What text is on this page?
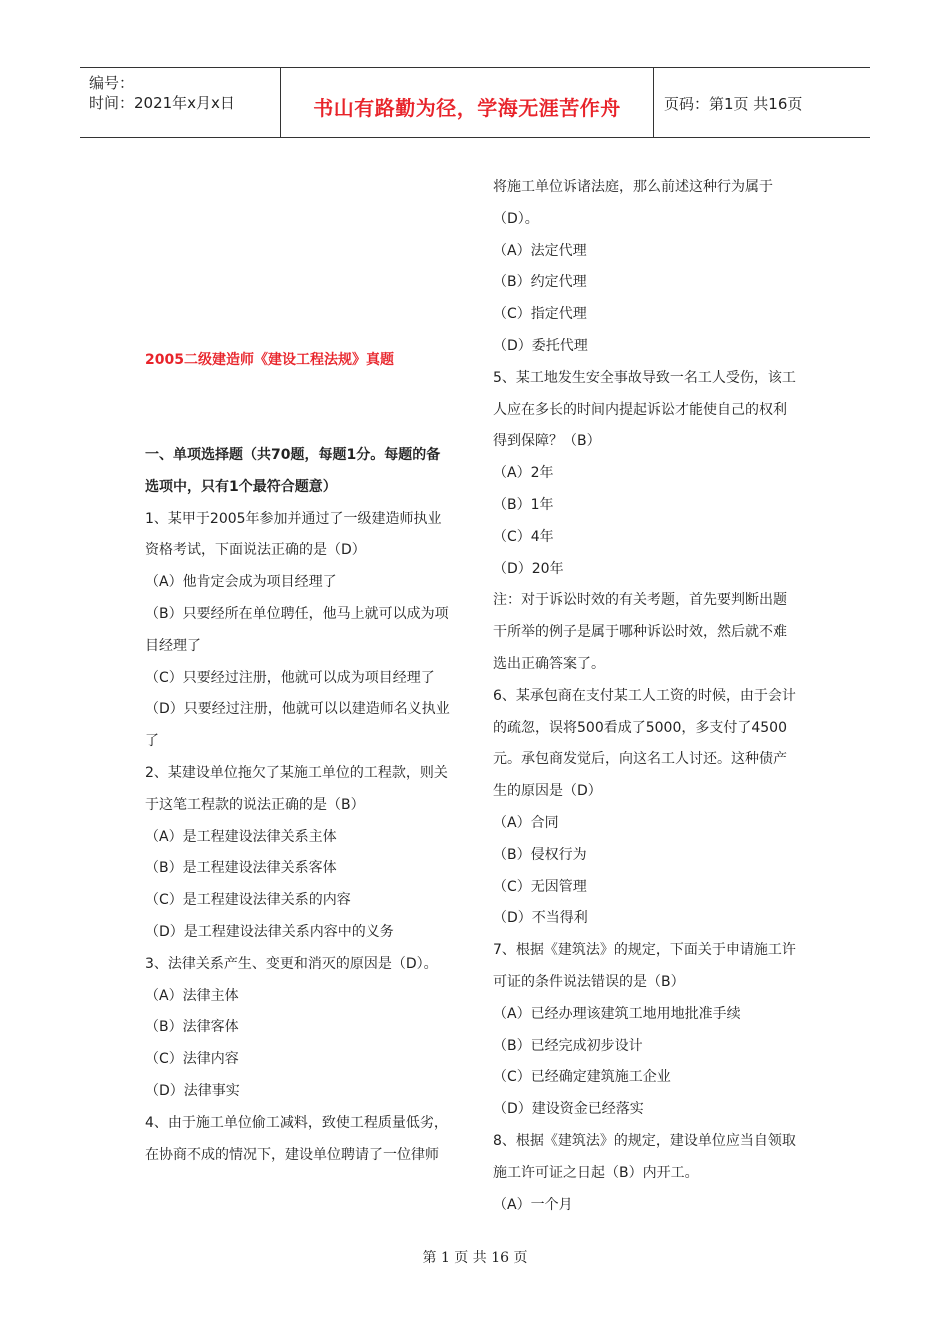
编号：
时间：2021年x月x日	书山有路勤为径，学海无涯苦作舟	页码：第1页 共16页
2005二级建造师《建设工程法规》真题
一、单项选择题（共70题，每题1分。每题的备
选项中，只有1个最符合题意）
1、某甲于2005年参加并通过了一级建造师执业
资格考试，下面说法正确的是（D）
（A）他肯定会成为项目经理了
（B）只要经所在单位聘任，他马上就可以成为项
目经理了
（C）只要经过注册，他就可以成为项目经理了
（D）只要经过注册，他就可以以建造师名义执业
了
2、某建设单位拖欠了某施工单位的工程款，则关
于这笔工程款的说法正确的是（B）
（A）是工程建设法律关系主体
（B）是工程建设法律关系客体
（C）是工程建设法律关系的内容
（D）是工程建设法律关系内容中的义务
3、法律关系产生、变更和消灭的原因是（D）。
（A）法律主体
（B）法律客体
（C）法律内容
（D）法律事实
4、由于施工单位偷工减料，致使工程质量低劣，
在协商不成的情况下，建设单位聘请了一位律师
将施工单位诉诸法庭，那么前述这种行为属于
（D）。
（A）法定代理
（B）约定代理
（C）指定代理
（D）委托代理
5、某工地发生安全事故导致一名工人受伤，该工
人应在多长的时间内提起诉讼才能使自己的权利
得到保障？（B）
（A）2年
（B）1年
（C）4年
（D）20年
注：对于诉讼时效的有关考题，首先要判断出题
干所举的例子是属于哪种诉讼时效，然后就不难
选出正确答案了。
6、某承包商在支付某工人工资的时候，由于会计
的疏忽，误将500看成了5000，多支付了4500
元。承包商发觉后，向这名工人讨还。这种债产
生的原因是（D）
（A）合同
（B）侵权行为
（C）无因管理
（D）不当得利
7、根据《建筑法》的规定，下面关于申请施工许
可证的条件说法错误的是（B）
（A）已经办理该建筑工地用地批准手续
（B）已经完成初步设计
（C）已经确定建筑施工企业
（D）建设资金已经落实
8、根据《建筑法》的规定，建设单位应当自领取
施工许可证之日起（B）内开工。
（A）一个月
第 1 页 共 16 页
